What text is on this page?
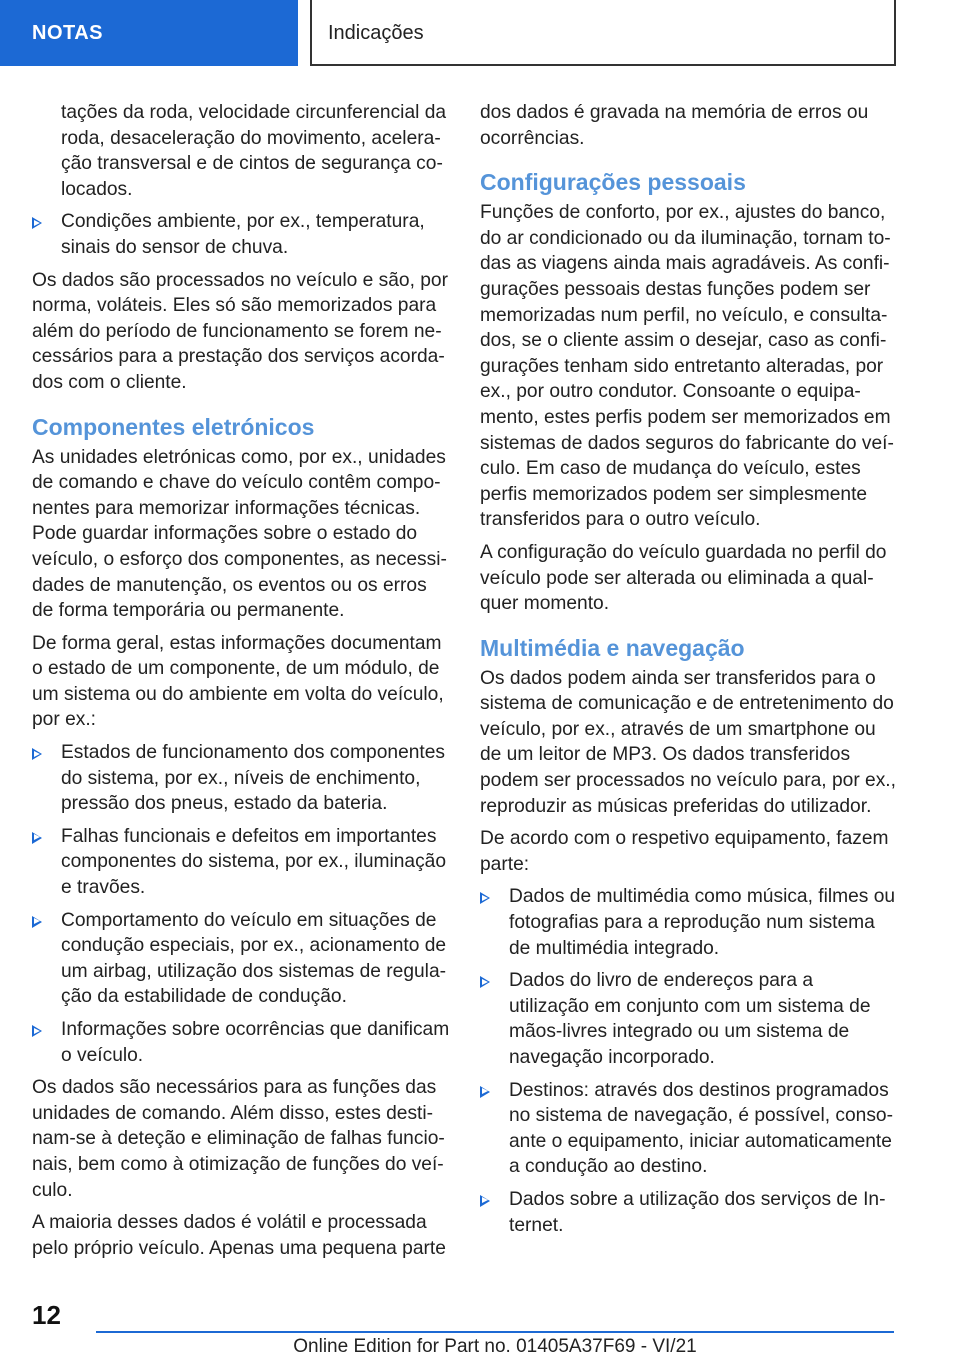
NOTAS	Indicações

tações da roda, velocidade circunferencial da roda, desaceleração do movimento, aceleração transversal e de cintos de segurança colocados.

Condições ambiente, por ex., temperatura, sinais do sensor de chuva.

Os dados são processados no veículo e são, por norma, voláteis. Eles só são memorizados para além do período de funcionamento se forem necessários para a prestação dos serviços acordados com o cliente.

Componentes eletrónicos

As unidades eletrónicas como, por ex., unidades de comando e chave do veículo contêm componentes para memorizar informações técnicas. Pode guardar informações sobre o estado do veículo, o esforço dos componentes, as necessidades de manutenção, os eventos ou os erros de forma temporária ou permanente.

De forma geral, estas informações documentam o estado de um componente, de um módulo, de um sistema ou do ambiente em volta do veículo, por ex.:

Estados de funcionamento dos componentes do sistema, por ex., níveis de enchimento, pressão dos pneus, estado da bateria.
Falhas funcionais e defeitos em importantes componentes do sistema, por ex., iluminação e travões.
Comportamento do veículo em situações de condução especiais, por ex., acionamento de um airbag, utilização dos sistemas de regulação da estabilidade de condução.
Informações sobre ocorrências que danificam o veículo.

Os dados são necessários para as funções das unidades de comando. Além disso, estes destinam-se à deteção e eliminação de falhas funcionais, bem como à otimização de funções do veículo.

A maioria desses dados é volátil e processada pelo próprio veículo. Apenas uma pequena parte

dos dados é gravada na memória de erros ou ocorrências.

Configurações pessoais

Funções de conforto, por ex., ajustes do banco, do ar condicionado ou da iluminação, tornam todas as viagens ainda mais agradáveis. As configurações pessoais destas funções podem ser memorizadas num perfil, no veículo, e consultados, se o cliente assim o desejar, caso as configurações tenham sido entretanto alteradas, por ex., por outro condutor. Consoante o equipamento, estes perfis podem ser memorizados em sistemas de dados seguros do fabricante do veículo. Em caso de mudança do veículo, estes perfis memorizados podem ser simplesmente transferidos para o outro veículo.

A configuração do veículo guardada no perfil do veículo pode ser alterada ou eliminada a qualquer momento.

Multimédia e navegação

Os dados podem ainda ser transferidos para o sistema de comunicação e de entretenimento do veículo, por ex., através de um smartphone ou de um leitor de MP3. Os dados transferidos podem ser processados no veículo para, por ex., reproduzir as músicas preferidas do utilizador.

De acordo com o respetivo equipamento, fazem parte:

Dados de multimédia como música, filmes ou fotografias para a reprodução num sistema de multimédia integrado.
Dados do livro de endereços para a utilização em conjunto com um sistema de mãos-livres integrado ou um sistema de navegação incorporado.
Destinos: através dos destinos programados no sistema de navegação, é possível, consoante o equipamento, iniciar automaticamente a condução ao destino.
Dados sobre a utilização dos serviços de Internet.
12
Online Edition for Part no. 01405A37F69 - VI/21
